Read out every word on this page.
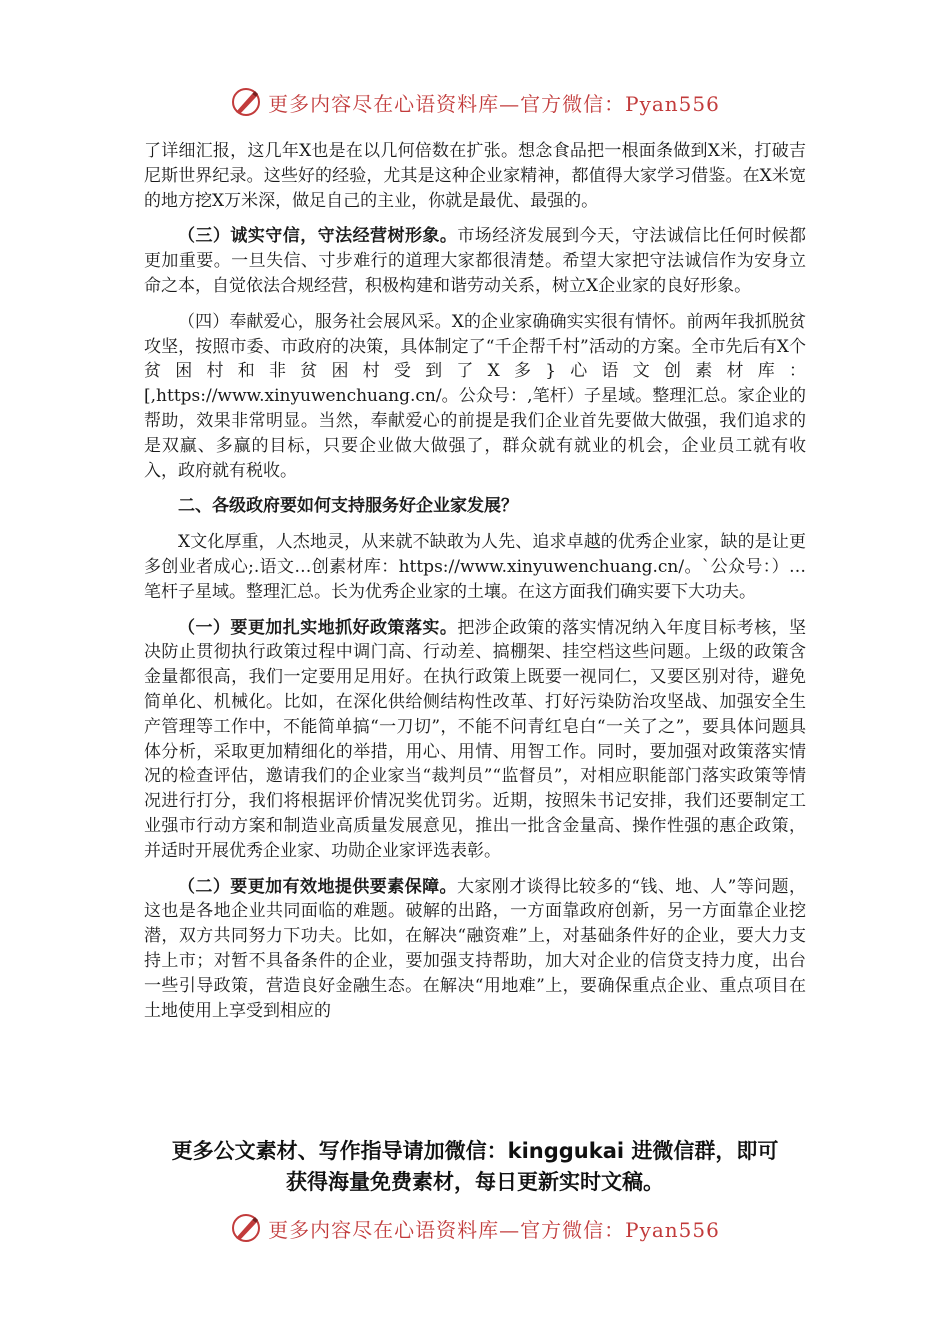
更多内容尽在心语资料库—官方微信：Pyan556

了详细汇报，这几年X也是在以几何倍数在扩张。想念食品把一根面条做到X米，打破吉尼斯世界纪录。这些好的经验，尤其是这种企业家精神，都值得大家学习借鉴。在X米宽的地方挖X万米深，做足自己的主业，你就是最优、最强的。

（三）诚实守信，守法经营树形象。市场经济发展到今天，守法诚信比任何时候都更加重要。一旦失信、寸步难行的道理大家都很清楚。希望大家把守法诚信作为安身立命之本，自觉依法合规经营，积极构建和谐劳动关系，树立X企业家的良好形象。

（四）奉献爱心，服务社会展风采。X的企业家确确实实很有情怀。前两年我抓脱贫攻坚，按照市委、市政府的决策，具体制定了“千企帮千村”活动的方案。全市先后有X个贫困村和非贫困村受到了X多}心语文创素材库：[,https://www.xinyuwenchuang.cn/。公众号：,笔杆）子星域。整理汇总。家企业的帮助，效果非常明显。当然，奉献爱心的前提是我们企业首先要做大做强，我们追求的是双赢、多赢的目标，只要企业做大做强了，群众就有就业的机会，企业员工就有收入，政府就有税收。

二、各级政府要如何支持服务好企业家发展？

X文化厚重，人杰地灵，从来就不缺敢为人先、追求卓越的优秀企业家，缺的是让更多创业者成心;.语文…创素材库：https://www.xinyuwenchuang.cn/。`公众号：）…笔杆子星域。整理汇总。长为优秀企业家的土壤。在这方面我们确实要下大功夫。

（一）要更加扎实地抓好政策落实。把涉企政策的落实情况纳入年度目标考核，坚决防止贯彻执行政策过程中调门高、行动差、搞棚架、挂空档这些问题。上级的政策含金量都很高，我们一定要用足用好。在执行政策上既要一视同仁，又要区别对待，避免简单化、机械化。比如，在深化供给侧结构性改革、打好污染防治攻坚战、加强安全生产管理等工作中，不能简单搞“一刀切”，不能不问青红皂白“一关了之”，要具体问题具体分析，采取更加精细化的举措，用心、用情、用智工作。同时，要加强对政策落实情况的检查评估，邀请我们的企业家当“裁判员”“监督员”，对相应职能部门落实政策等情况进行打分，我们将根据评价情况奖优罚劣。近期，按照朱书记安排，我们还要制定工业强市行动方案和制造业高质量发展意见，推出一批含金量高、操作性强的惠企政策，并适时开展优秀企业家、功勋企业家评选表彰。

（二）要更加有效地提供要素保障。大家刚才谈得比较多的“钱、地、人”等问题，这也是各地企业共同面临的难题。破解的出路，一方面靠政府创新，另一方面靠企业挖潜，双方共同努力下功夫。比如，在解决“融资难”上，对基础条件好的企业，要大力支持上市；对暂不具备条件的企业，要加强支持帮助，加大对企业的信贷支持力度，出台一些引导政策，营造良好金融生态。在解决“用地难”上，要确保重点企业、重点项目在土地使用上享受到相应的

更多公文素材、写作指导请加微信：kinggukai 进微信群，即可
获得海量免费素材，每日更新实时文稿。
更多内容尽在心语资料库—官方微信：Pyan556
